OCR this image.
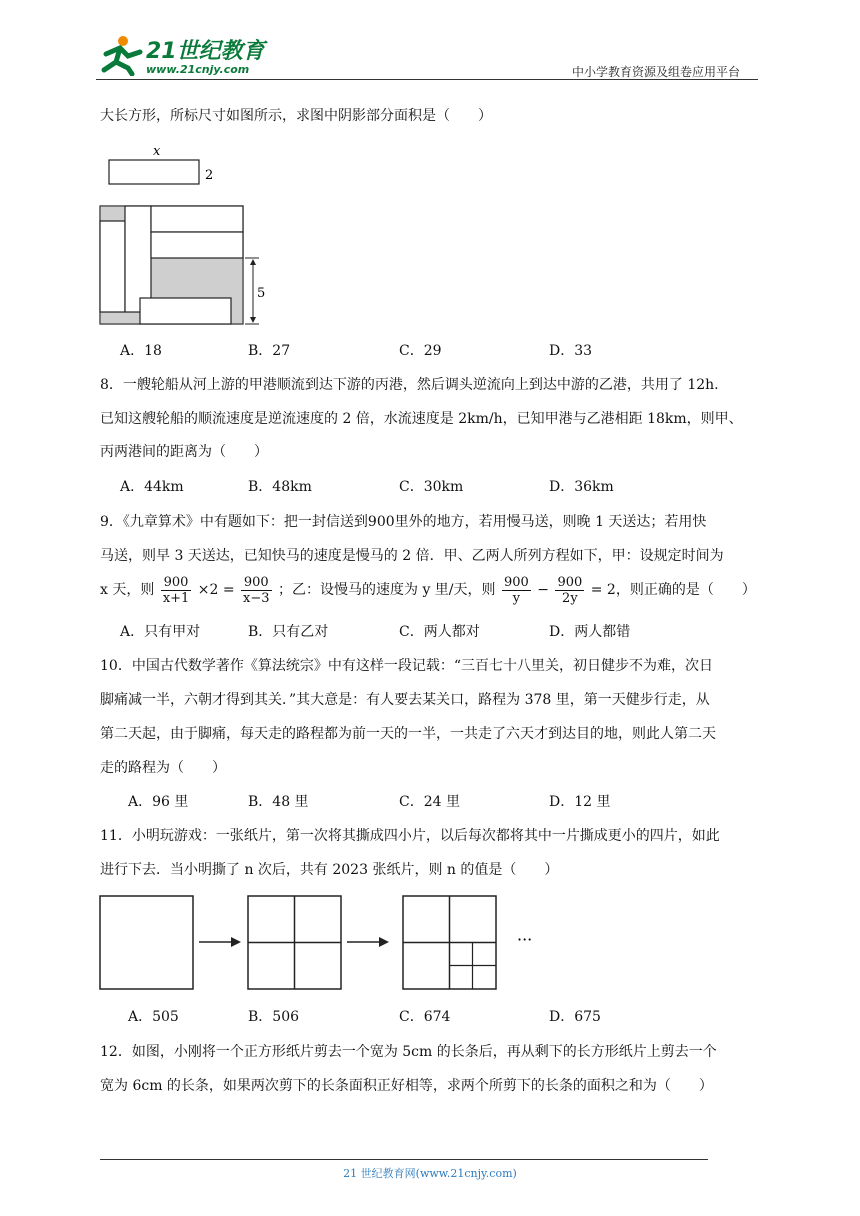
21世纪教育
www.21cnjy.com	中小学教育资源及组卷应用平台
大长方形，所标尺寸如图所示，求图中阴影部分面积是（　　）
x
2
5
A．18	B．27	C．29	D．33
8．一艘轮船从河上游的甲港顺流到达下游的丙港，然后调头逆流向上到达中游的乙港，共用了 12h.
已知这艘轮船的顺流速度是逆流速度的 2 倍，水流速度是 2km/h，已知甲港与乙港相距 18km，则甲、
丙两港间的距离为（　　）
A．44km	B．48km	C．30km	D．36km
9．《九章算术》中有题如下：把一封信送到900里外的地方，若用慢马送，则晚 1 天送达；若用快
马送，则早 3 天送达，已知快马的速度是慢马的 2 倍．甲、乙两人所列方程如下，甲：设规定时间为
x 天，则 $\frac{900}{x+1} \times 2 = \frac{900}{x-3}$ ；乙：设慢马的速度为 y 里/天，则 $\frac{900}{y} - \frac{900}{2y} = 2$，则正确的是（　　）
A．只有甲对	B．只有乙对	C．两人都对	D．两人都错
10．中国古代数学著作《算法统宗》中有这样一段记载：“三百七十八里关，初日健步不为难，次日
脚痛减一半，六朝才得到其关．”其大意是：有人要去某关口，路程为 378 里，第一天健步行走，从
第二天起，由于脚痛，每天走的路程都为前一天的一半，一共走了六天才到达目的地，则此人第二天
走的路程为（　　）
A．96 里	B．48 里	C．24 里	D．12 里
11．小明玩游戏：一张纸片，第一次将其撕成四小片，以后每次都将其中一片撕成更小的四片，如此
进行下去．当小明撕了 n 次后，共有 2023 张纸片，则 n 的值是（　　）
···
A．505	B．506	C．674	D．675
12．如图，小刚将一个正方形纸片剪去一个宽为 5cm 的长条后，再从剩下的长方形纸片上剪去一个
宽为 6cm 的长条，如果两次剪下的长条面积正好相等，求两个所剪下的长条的面积之和为（　　）
21 世纪教育网(www.21cnjy.com)
